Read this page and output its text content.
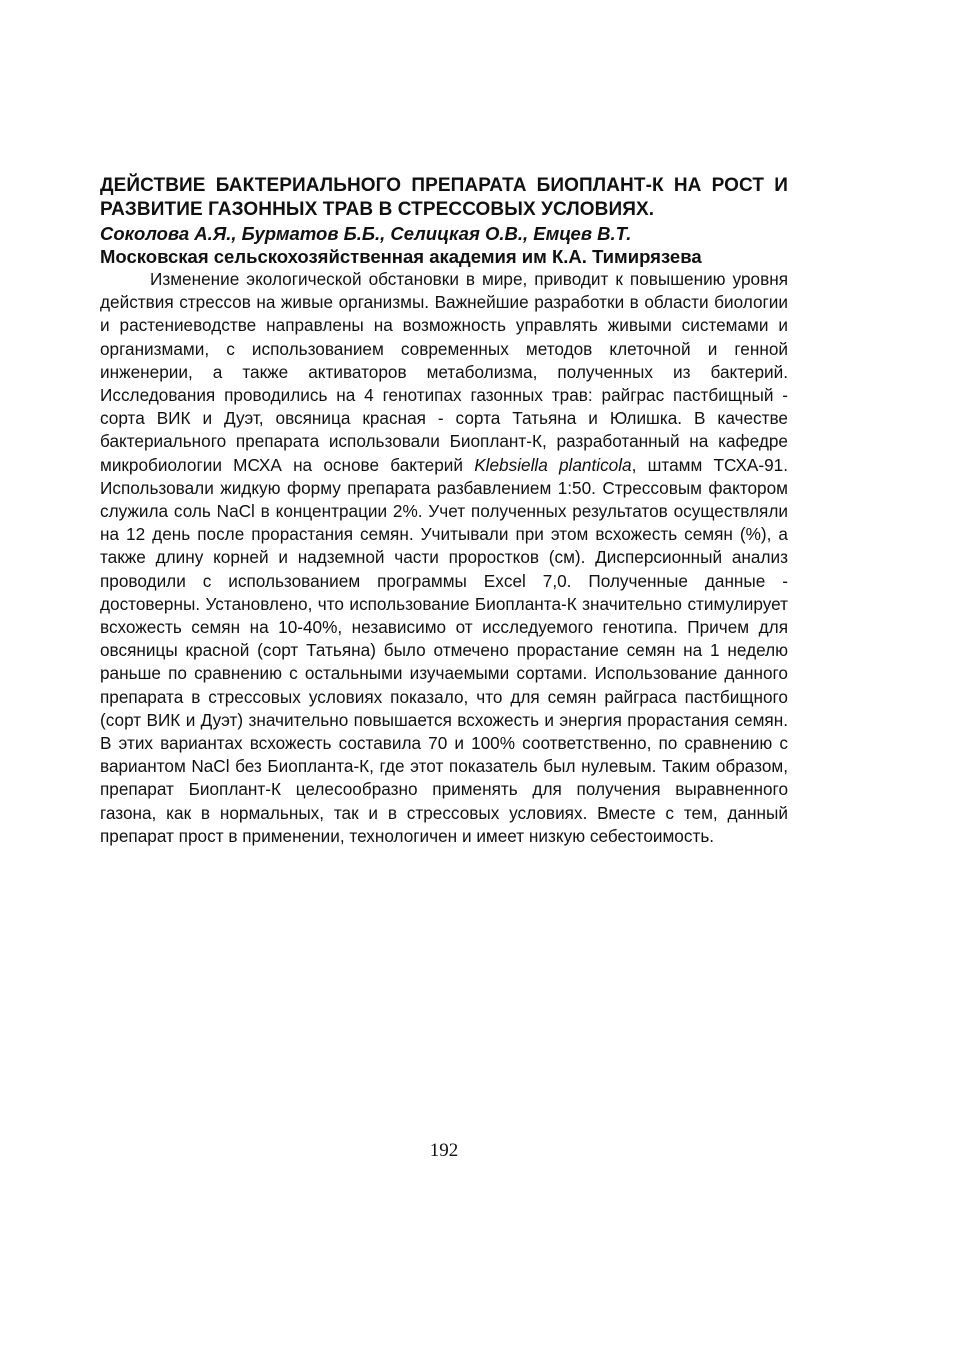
ДЕЙСТВИЕ БАКТЕРИАЛЬНОГО ПРЕПАРАТА БИОПЛАНТ-К НА РОСТ И РАЗВИТИЕ ГАЗОННЫХ ТРАВ В СТРЕССОВЫХ УСЛОВИЯХ.

Соколова А.Я., Бурматов Б.Б., Селицкая О.В., Емцев В.Т.

Московская сельскохозяйственная академия им К.А. Тимирязева

Изменение экологической обстановки в мире, приводит к повышению уровня действия стрессов на живые организмы. Важнейшие разработки в области биологии и растениеводстве направлены на возможность управлять живыми системами и организмами, с использованием современных методов клеточной и генной инженерии, а также активаторов метаболизма, полученных из бактерий. Исследования проводились на 4 генотипах газонных трав: райграс пастбищный - сорта ВИК и Дуэт, овсяница красная - сорта Татьяна и Юлишка. В качестве бактериального препарата использовали Биоплант-К, разработанный на кафедре микробиологии МСХА на основе бактерий Klebsiella planticola, штамм ТСХА-91. Использовали жидкую форму препарата разбавлением 1:50. Стрессовым фактором служила соль NaCl в концентрации 2%. Учет полученных результатов осуществляли на 12 день после прорастания семян. Учитывали при этом всхожесть семян (%), а также длину корней и надземной части проростков (см). Дисперсионный анализ проводили с использованием программы Excel 7,0. Полученные данные - достоверны. Установлено, что использование Биопланта-К значительно стимулирует всхожесть семян на 10-40%, независимо от исследуемого генотипа. Причем для овсяницы красной (сорт Татьяна) было отмечено прорастание семян на 1 неделю раньше по сравнению с остальными изучаемыми сортами. Использование данного препарата в стрессовых условиях показало, что для семян райграса пастбищного (сорт ВИК и Дуэт) значительно повышается всхожесть и энергия прорастания семян. В этих вариантах всхожесть составила 70 и 100% соответственно, по сравнению с вариантом NaCl без Биопланта-К, где этот показатель был нулевым. Таким образом, препарат Биоплант-К целесообразно применять для получения выравненного газона, как в нормальных, так и в стрессовых условиях. Вместе с тем, данный препарат прост в применении, технологичен и имеет низкую себестоимость.

192
